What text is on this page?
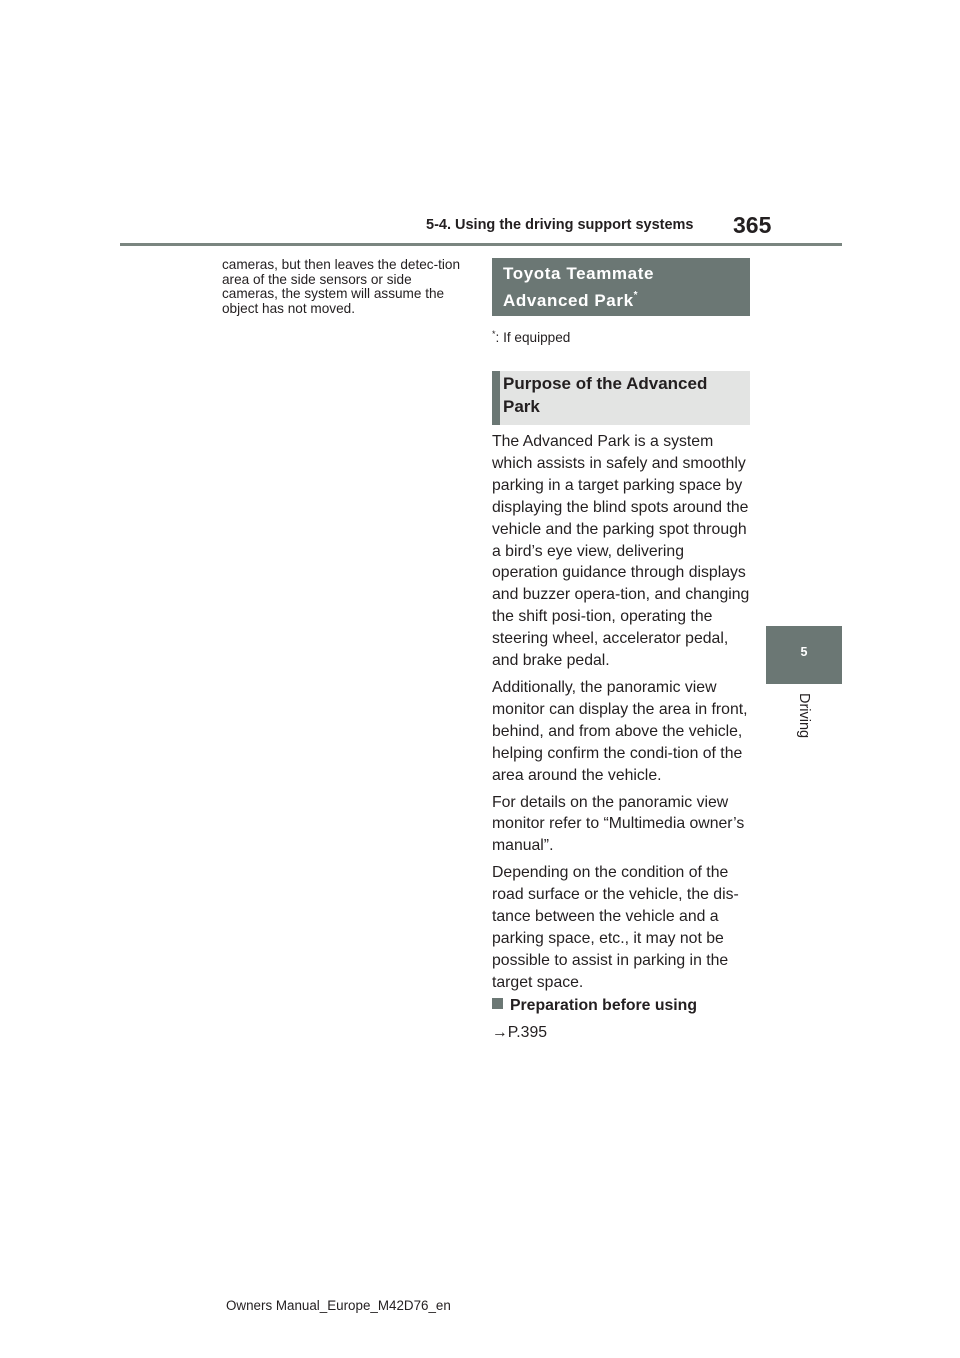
5-4. Using the driving support systems 365
cameras, but then leaves the detec-tion area of the side sensors or side cameras, the system will assume the object has not moved.
Toyota Teammate Advanced Park*
*: If equipped
Purpose of the Advanced Park

The Advanced Park is a system which assists in safely and smoothly parking in a target parking space by displaying the blind spots around the vehicle and the parking spot through a bird’s eye view, delivering operation guidance through displays and buzzer opera-tion, and changing the shift posi-tion, operating the steering wheel, accelerator pedal, and brake pedal.

Additionally, the panoramic view monitor can display the area in front, behind, and from above the vehicle, helping confirm the condi-tion of the area around the vehicle.

For details on the panoramic view monitor refer to “Multimedia owner’s manual”.

Depending on the condition of the road surface or the vehicle, the dis-tance between the vehicle and a parking space, etc., it may not be possible to assist in parking in the target space.

Preparation before using
→P.395
5
Driving
Owners Manual_Europe_M42D76_en
